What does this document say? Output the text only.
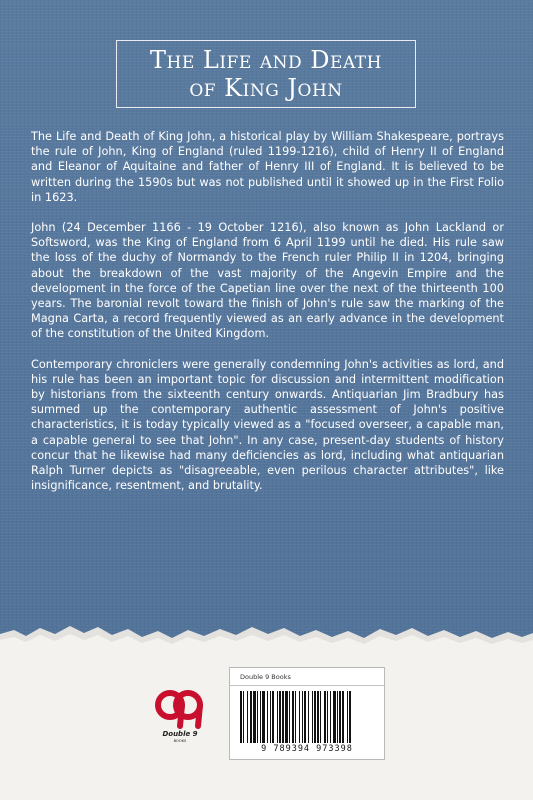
The Life and Death
of King John

The Life and Death of King John, a historical play by William Shakespeare, portrays the rule of John, King of England (ruled 1199-1216), child of Henry II of England and Eleanor of Aquitaine and father of Henry III of England. It is believed to be written during the 1590s but was not published until it showed up in the First Folio in 1623.

John (24 December 1166 - 19 October 1216), also known as John Lackland or Softsword, was the King of England from 6 April 1199 until he died. His rule saw the loss of the duchy of Normandy to the French ruler Philip II in 1204, bringing about the breakdown of the vast majority of the Angevin Empire and the development in the force of the Capetian line over the next of the thirteenth 100 years. The baronial revolt toward the finish of John's rule saw the marking of the Magna Carta, a record frequently viewed as an early advance in the development of the constitution of the United Kingdom.

Contemporary chroniclers were generally condemning John's activities as lord, and his rule has been an important topic for discussion and intermittent modification by historians from the sixteenth century onwards. Antiquarian Jim Bradbury has summed up the contemporary authentic assessment of John's positive characteristics, it is today typically viewed as a "focused overseer, a capable man, a capable general to see that John". In any case, present-day students of history concur that he likewise had many deficiencies as lord, including what antiquarian Ralph Turner depicts as "disagreeable, even perilous character attributes", like insignificance, resentment, and brutality.

Double 9
BOOKS
Double 9 Books
9 789394 973398
